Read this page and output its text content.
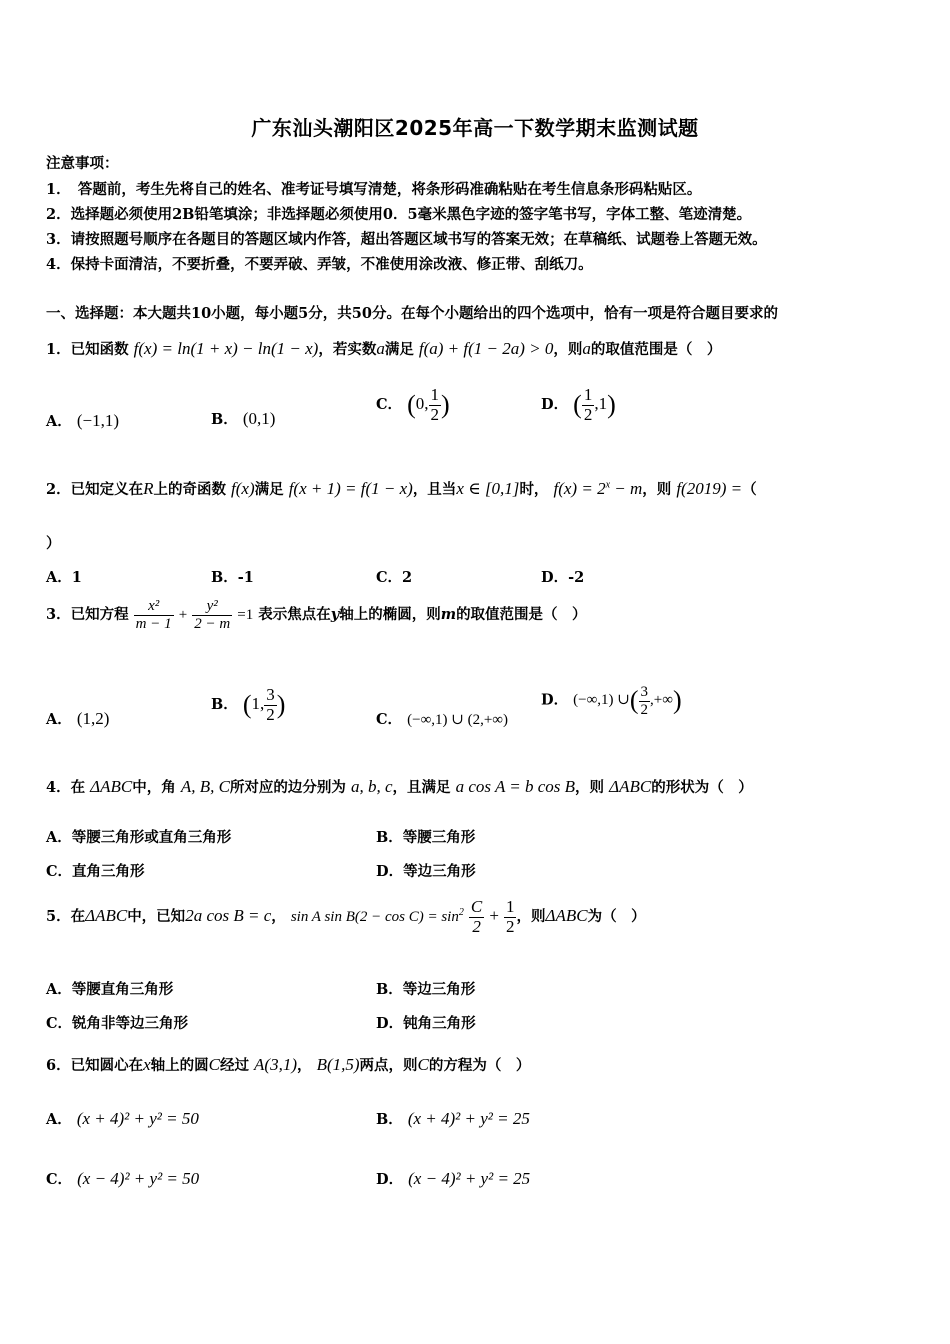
广东汕头潮阳区2025年高一下数学期末监测试题
注意事项：
1．　答题前，考生先将自己的姓名、准考证号填写清楚，将条形码准确粘贴在考生信息条形码粘贴区。
2．选择题必须使用2B铅笔填涂；非选择题必须使用0．5毫米黑色字迹的签字笔书写，字体工整、笔迹清楚。
3．请按照题号顺序在各题目的答题区域内作答，超出答题区域书写的答案无效；在草稿纸、试题卷上答题无效。
4．保持卡面清洁，不要折叠，不要弄破、弄皱，不准使用涂改液、修正带、刮纸刀。
一、选择题：本大题共10小题，每小题5分，共50分。在每个小题给出的四个选项中，恰有一项是符合题目要求的
1．已知函数 f(x) = ln(1 + x) − ln(1 − x)，若实数a满足 f(a) + f(1 − 2a) > 0，则a的取值范围是（　）
A． (−1,1)	B． (0,1)
C． (0, $\frac{1}{2}$ )	D． ( $\frac{1}{2} ,1$)
2．已知定义在R上的奇函数 f(x)满足 f(x + 1) = f(1 − x)，且当x ∈ [0,1]时， $f(x) = 2^x - m$，则 f(2019) =（
）
A．1	B．-1	C．2	D．-2
3．已知方程 $\frac{\text{x²}}{m - 1} + \frac{\text{y²}}{2 - m} =1$ 表示焦点在y轴上的椭圆，则m的取值范围是（　）
A． (1,2)
B． (1, $\frac{3}{2}$ )
C． (−∞,1) ∪ (2,+∞)
D． (−∞,1) ∪( $\frac{3}{2}$ ,+∞)
4．在 ΔABC中，角 A, B, C所对应的边分别为 a, b, c，且满足 a cos A = b cos B，则 ΔABC的形状为（　）
A．等腰三角形或直角三角形	B．等腰三角形
C．直角三角形	D．等边三角形
5．在ΔABC中，已知2a cos B = c， sin A $\sin B(2 - \cos C) = \sin^2 \frac{C}{2} + \frac{1}{2}$ ，则ΔABC为（　）
A．等腰直角三角形	B．等边三角形
C．锐角非等边三角形	D．钝角三角形
6．已知圆心在x轴上的圆C经过 A(3,1)， B(1,5)两点，则C的方程为（　）
A． (x + 4)² + y² = 50	B． (x + 4)² + y² = 25
C． (x − 4)² + y² = 50	D． (x − 4)² + y² = 25
